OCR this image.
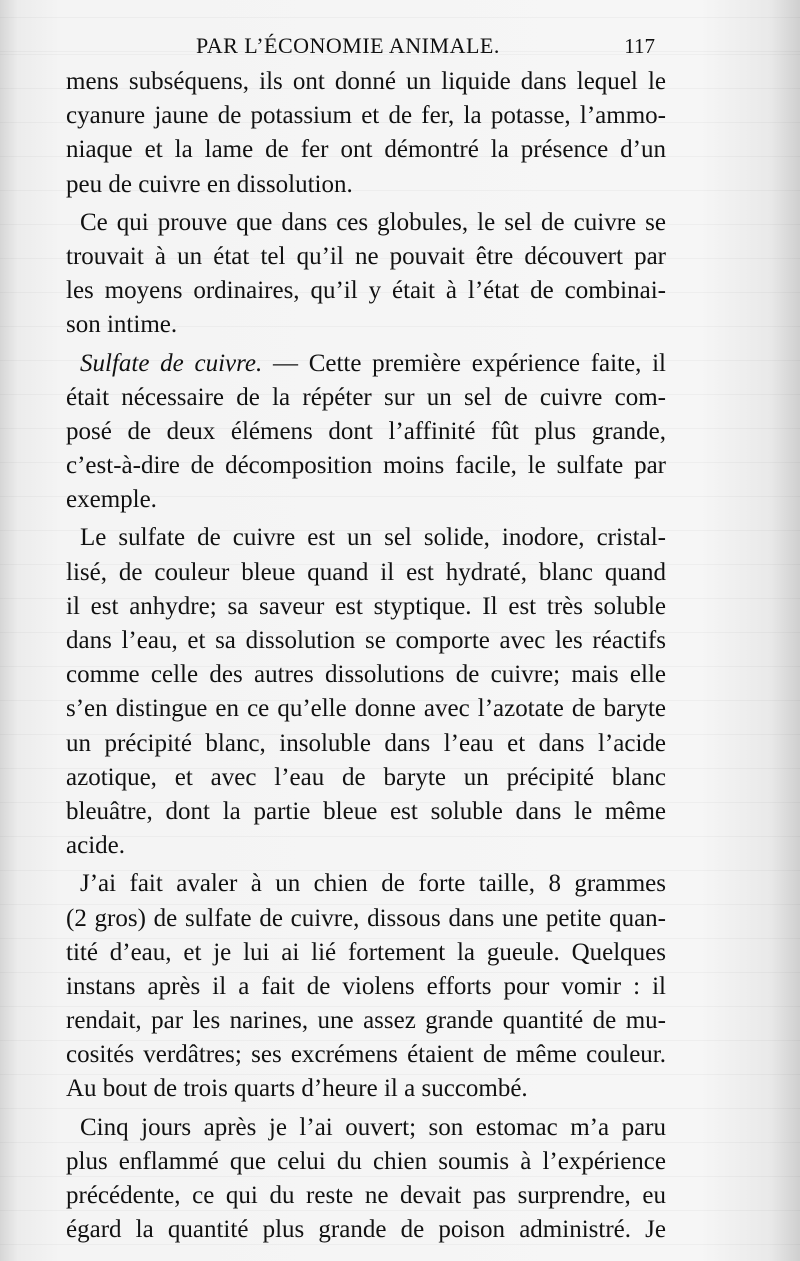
PAR L’ÉCONOMIE ANIMALE.	117

mens subséquens, ils ont donné un liquide dans lequel le
cyanure jaune de potassium et de fer, la potasse, l’ammo-
niaque et la lame de fer ont démontré la présence d’un
peu de cuivre en dissolution.

Ce qui prouve que dans ces globules, le sel de cuivre se
trouvait à un état tel qu’il ne pouvait être découvert par
les moyens ordinaires, qu’il y était à l’état de combinai-
son intime.

Sulfate de cuivre. — Cette première expérience faite, il
était nécessaire de la répéter sur un sel de cuivre com-
posé de deux élémens dont l’affinité fût plus grande,
c’est-à-dire de décomposition moins facile, le sulfate par
exemple.

Le sulfate de cuivre est un sel solide, inodore, cristal-
lisé, de couleur bleue quand il est hydraté, blanc quand
il est anhydre; sa saveur est styptique. Il est très soluble
dans l’eau, et sa dissolution se comporte avec les réactifs
comme celle des autres dissolutions de cuivre; mais elle
s’en distingue en ce qu’elle donne avec l’azotate de baryte
un précipité blanc, insoluble dans l’eau et dans l’acide
azotique, et avec l’eau de baryte un précipité blanc
bleuâtre, dont la partie bleue est soluble dans le même
acide.

J’ai fait avaler à un chien de forte taille, 8 grammes
(2 gros) de sulfate de cuivre, dissous dans une petite quan-
tité d’eau, et je lui ai lié fortement la gueule. Quelques
instans après il a fait de violens efforts pour vomir : il
rendait, par les narines, une assez grande quantité de mu-
cosités verdâtres; ses excrémens étaient de même couleur.
Au bout de trois quarts d’heure il a succombé.

Cinq jours après je l’ai ouvert; son estomac m’a paru
plus enflammé que celui du chien soumis à l’expérience
précédente, ce qui du reste ne devait pas surprendre, eu
égard la quantité plus grande de poison administré. Je
